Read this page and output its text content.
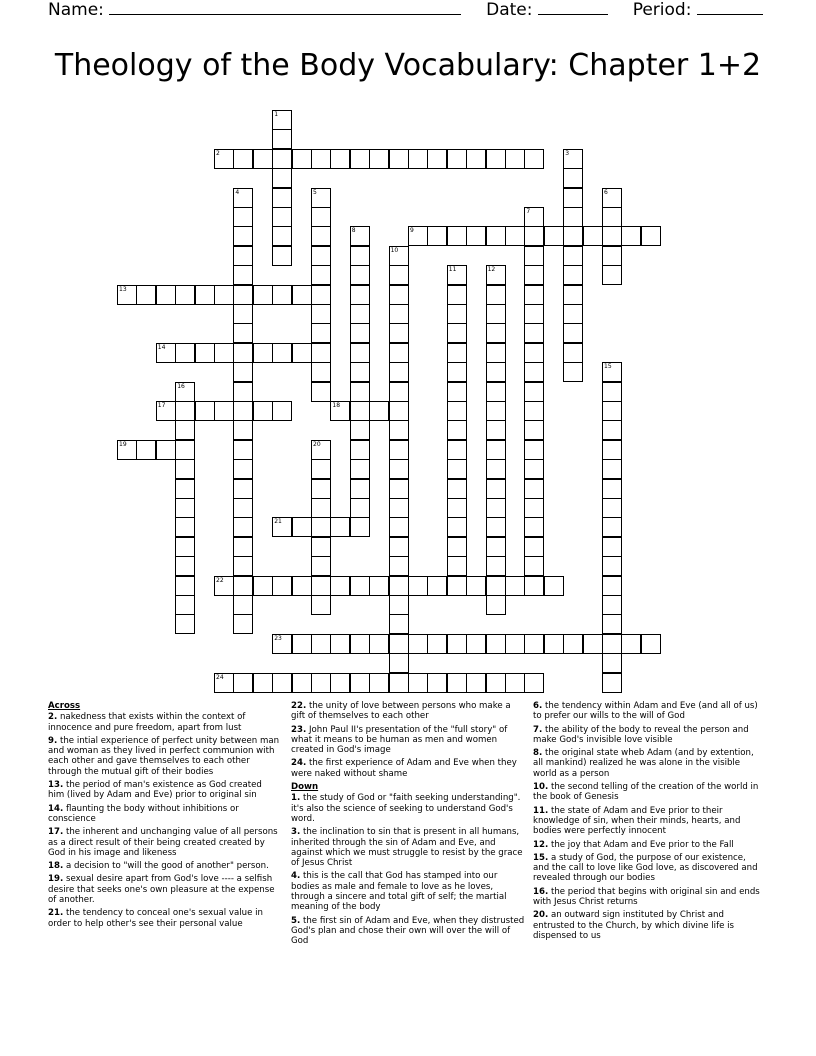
Name:	Date:	Period:
Theology of the Body Vocabulary: Chapter 1+2
2
9
13
14
17	18
19
21
22
23
24
1
3
4	5	6
7
8
10
11	12
15
16
20
Across
2. nakedness that exists within the context of innocence and pure freedom, apart from lust
9. the intial experience of perfect unity between man and woman as they lived in perfect communion with each other and gave themselves to each other through the mutual gift of their bodies
13. the period of man's existence as God created him (lived by Adam and Eve) prior to original sin
14. flaunting the body without inhibitions or conscience
17. the inherent and unchanging value of all persons as a direct result of their being created created by God in his image and likeness
18. a decision to "will the good of another" person.
19. sexual desire apart from God's love ---- a selfish desire that seeks one's own pleasure at the expense of another.
21. the tendency to conceal one's sexual value in order to help other's see their personal value
22. the unity of love between persons who make a gift of themselves to each other
23. John Paul II's presentation of the "full story" of what it means to be human as men and women created in God's image
24. the first experience of Adam and Eve when they were naked without shame
Down
1. the study of God or "faith seeking understanding". it's also the science of seeking to understand God's word.
3. the inclination to sin that is present in all humans, inherited through the sin of Adam and Eve, and against which we must struggle to resist by the grace of Jesus Christ
4. this is the call that God has stamped into our bodies as male and female to love as he loves, through a sincere and total gift of self; the martial meaning of the body
5. the first sin of Adam and Eve, when they distrusted God's plan and chose their own will over the will of God
6. the tendency within Adam and Eve (and all of us) to prefer our wills to the will of God
7. the ability of the body to reveal the person and make God's invisible love visible
8. the original state wheb Adam (and by extention, all mankind) realized he was alone in the visible world as a person
10. the second telling of the creation of the world in the book of Genesis
11. the state of Adam and Eve prior to their knowledge of sin, when their minds, hearts, and bodies were perfectly innocent
12. the joy that Adam and Eve prior to the Fall
15. a study of God, the purpose of our existence, and the call to love like God love, as discovered and revealed through our bodies
16. the period that begins with original sin and ends with Jesus Christ returns
20. an outward sign instituted by Christ and entrusted to the Church, by which divine life is dispensed to us
